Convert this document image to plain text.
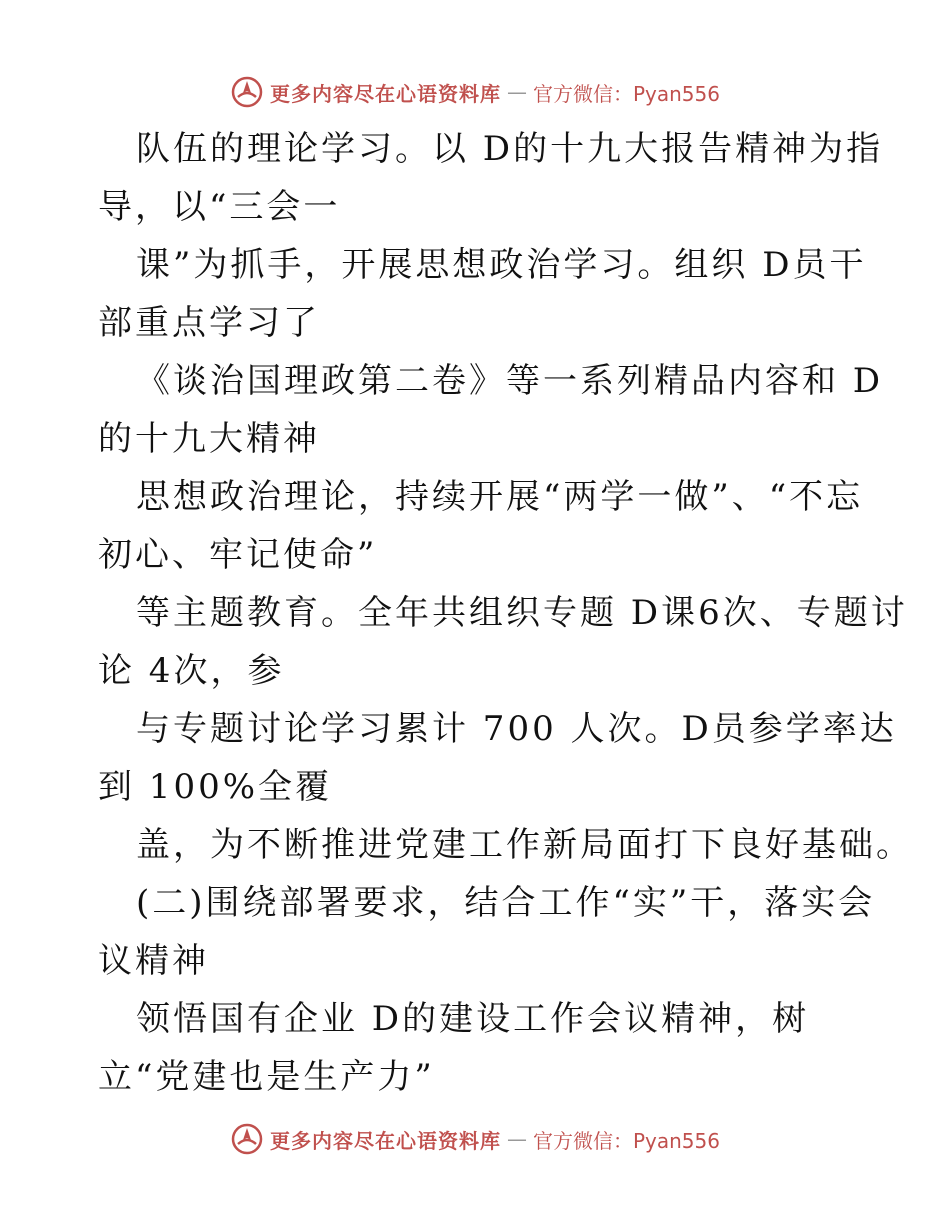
更多内容尽在心语资料库 — 官方微信：Pyan556
队伍的理论学习。以 D的十九大报告精神为指
导，以“三会一
课”为抓手，开展思想政治学习。组织 D员干
部重点学习了
《谈治国理政第二卷》等一系列精品内容和 D
的十九大精神
思想政治理论，持续开展“两学一做”、“不忘
初心、牢记使命”
等主题教育。全年共组织专题 D课6次、专题讨
论 4次，参
与专题讨论学习累计 700 人次。D员参学率达
到 100%全覆
盖，为不断推进党建工作新局面打下良好基础。
(二)围绕部署要求，结合工作“实”干，落实会
议精神
领悟国有企业 D的建设工作会议精神，树
立“党建也是生产力”
更多内容尽在心语资料库 — 官方微信：Pyan556
